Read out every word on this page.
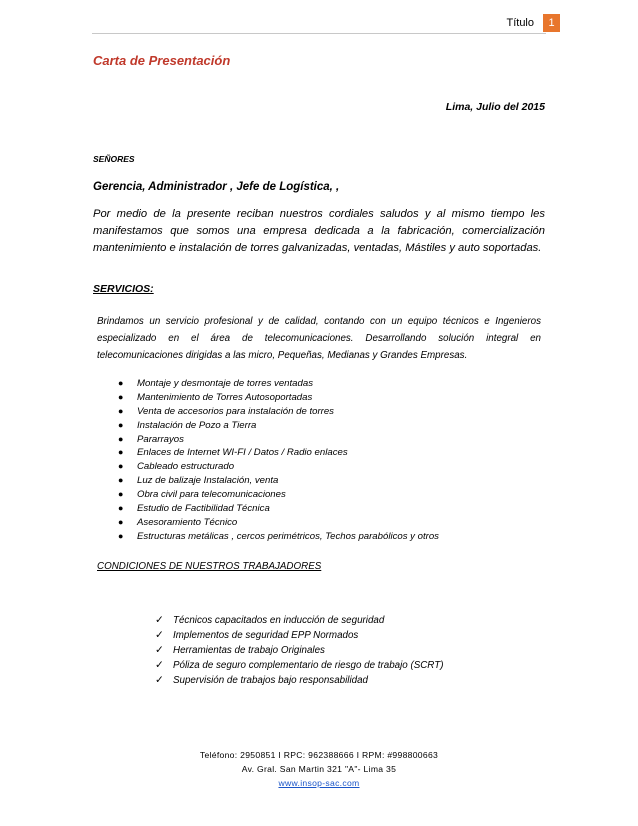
Título	1
Carta de Presentación
Lima, Julio del 2015
SEÑORES
Gerencia, Administrador , Jefe de Logística, ,

Por medio de la presente reciban nuestros cordiales saludos y al mismo tiempo les manifestamos que somos una empresa dedicada a la fabricación, comercialización mantenimiento e instalación de torres galvanizadas, ventadas, Mástiles y auto soportadas.

SERVICIOS:

Brindamos un servicio profesional y de calidad, contando con un equipo técnicos e Ingenieros especializado en el área de telecomunicaciones. Desarrollando solución integral en telecomunicaciones dirigidas a las micro, Pequeñas, Medianas y Grandes Empresas.

● Montaje y desmontaje de torres ventadas
● Mantenimiento de Torres Autosoportadas
● Venta de accesorios para instalación de torres
● Instalación de Pozo a Tierra
● Pararrayos
● Enlaces de Internet WI-FI / Datos / Radio enlaces
● Cableado estructurado
● Luz de balizaje Instalación, venta
● Obra civil para telecomunicaciones
● Estudio de Factibilidad Técnica
● Asesoramiento Técnico
● Estructuras metálicas , cercos perimétricos, Techos parabólicos y otros
CONDICIONES DE NUESTROS TRABAJADORES
✓ Técnicos capacitados en inducción de seguridad
✓ Implementos de seguridad EPP Normados
✓ Herramientas de trabajo Originales
✓ Póliza de seguro complementario de riesgo de trabajo (SCRT)
✓ Supervisión de trabajos bajo responsabilidad
Teléfono: 2950851 I RPC: 962388666 I RPM: #998800663
Av. Gral. San Martin 321 "A"- Lima 35
www.insop-sac.com
